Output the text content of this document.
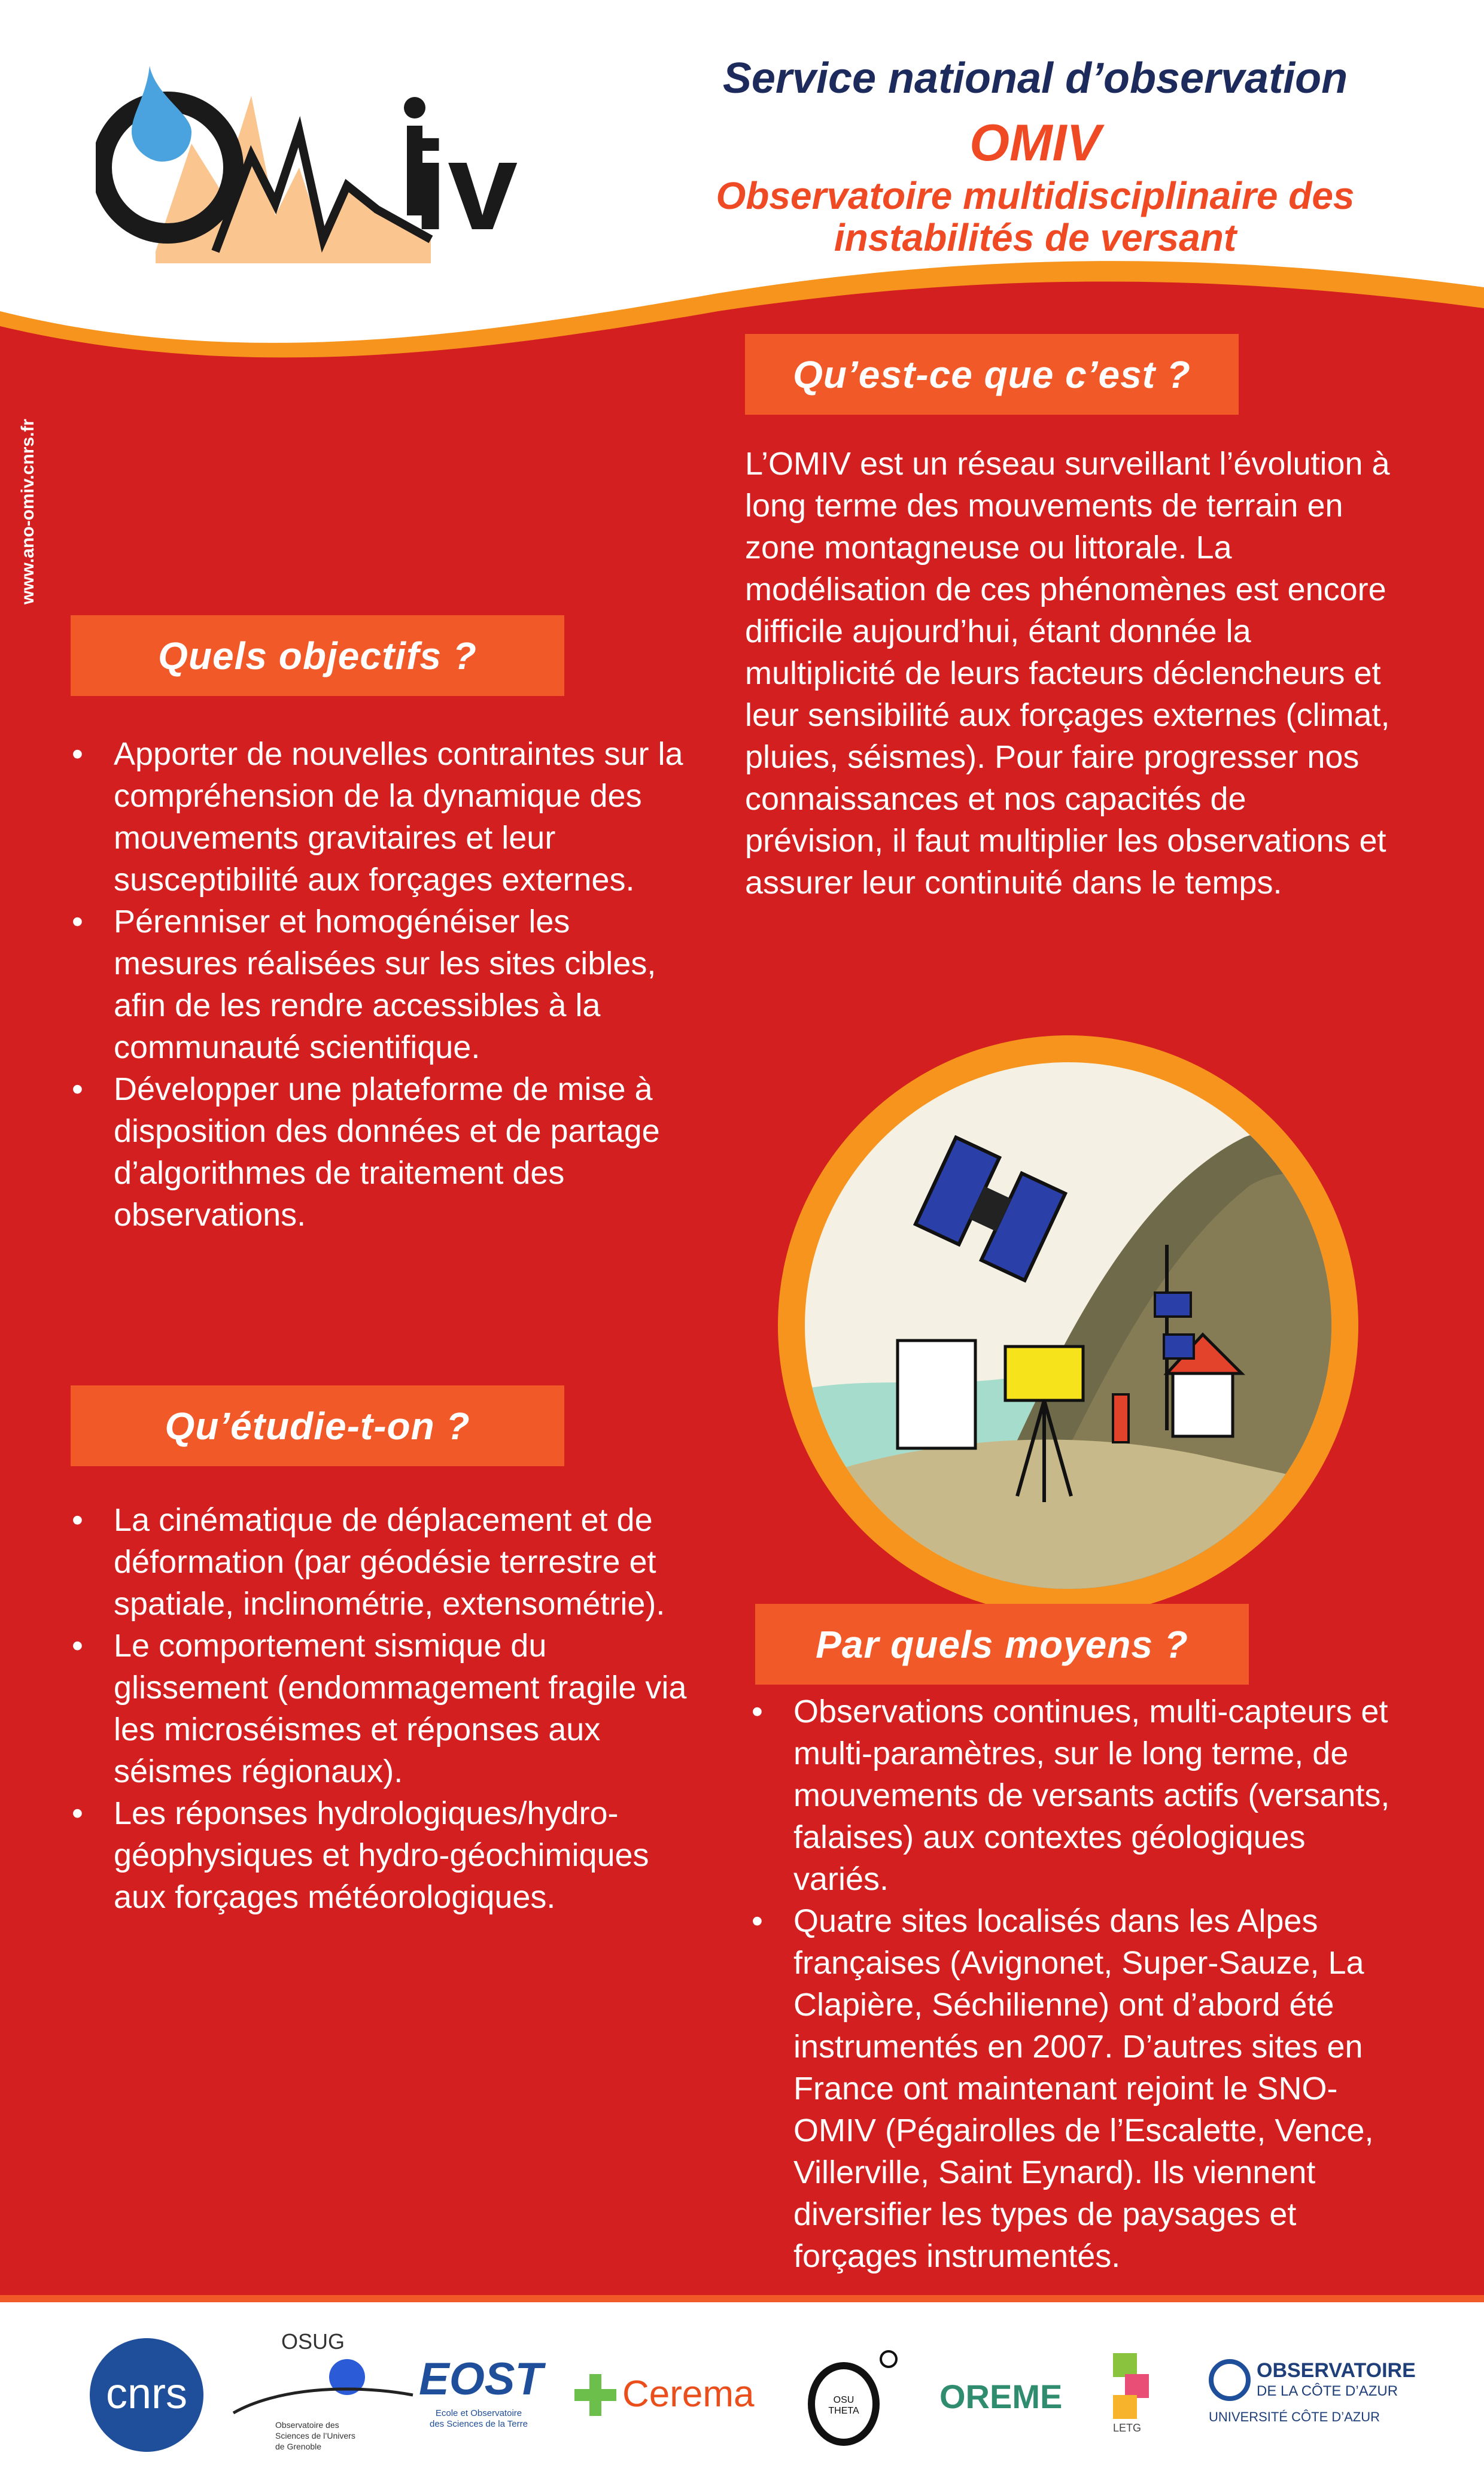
iv
Service national d’observation
OMIV
Observatoire multidisciplinaire des
instabilités de versant
www.ano-omiv.cnrs.fr
Qu’est-ce que c’est ?
L’OMIV est un réseau surveillant l’évolution à long terme des mouvements de terrain en zone montagneuse ou littorale. La modélisation de ces phénomènes est encore difficile aujourd’hui, étant donnée la multiplicité de leurs facteurs déclencheurs et leur sensibilité aux forçages externes (climat, pluies, séismes). Pour faire progresser nos connaissances et nos capacités de prévision, il faut multiplier les observations et assurer leur continuité dans le temps.
Quels objectifs ?
• Apporter de nouvelles contraintes sur la compréhension de la dynamique des mouvements gravitaires et leur susceptibilité aux forçages externes.
• Pérenniser et homogénéiser les mesures réalisées sur les sites cibles, afin de les rendre accessibles à la communauté scientifique.
• Développer une plateforme de mise à disposition des données et de partage d’algorithmes de traitement des observations.
Qu’étudie-t-on ?
• La cinématique de déplacement et de déformation (par géodésie terrestre et spatiale, inclinométrie, extensométrie).
• Le comportement sismique du glissement (endommagement fragile via les microséismes et réponses aux séismes régionaux).
• Les réponses hydrologiques/hydro-géophysiques et hydro-géochimiques aux forçages météorologiques.
Par quels moyens ?
• Observations continues, multi-capteurs et multi-paramètres, sur le long terme, de mouvements de versants actifs (versants, falaises) aux contextes géologiques variés.
• Quatre sites localisés dans les Alpes françaises (Avignonet, Super-Sauze, La Clapière, Séchilienne) ont d’abord été instrumentés en 2007. D’autres sites en France ont maintenant rejoint le SNO-OMIV (Pégairolles de l’Escalette, Vence, Villerville, Saint Eynard). Ils viennent diversifier les types de paysages et forçages instrumentés.
cnrs
OSUG
Observatoire des
Sciences de l’Univers
de Grenoble
EOST
Ecole et Observatoire
des Sciences de la Terre
Cerema	OSU THETA OREME
LETG
OBSERVATOIRE
DE LA CÔTE D’AZUR
UNIVERSITÉ CÔTE D’AZUR
